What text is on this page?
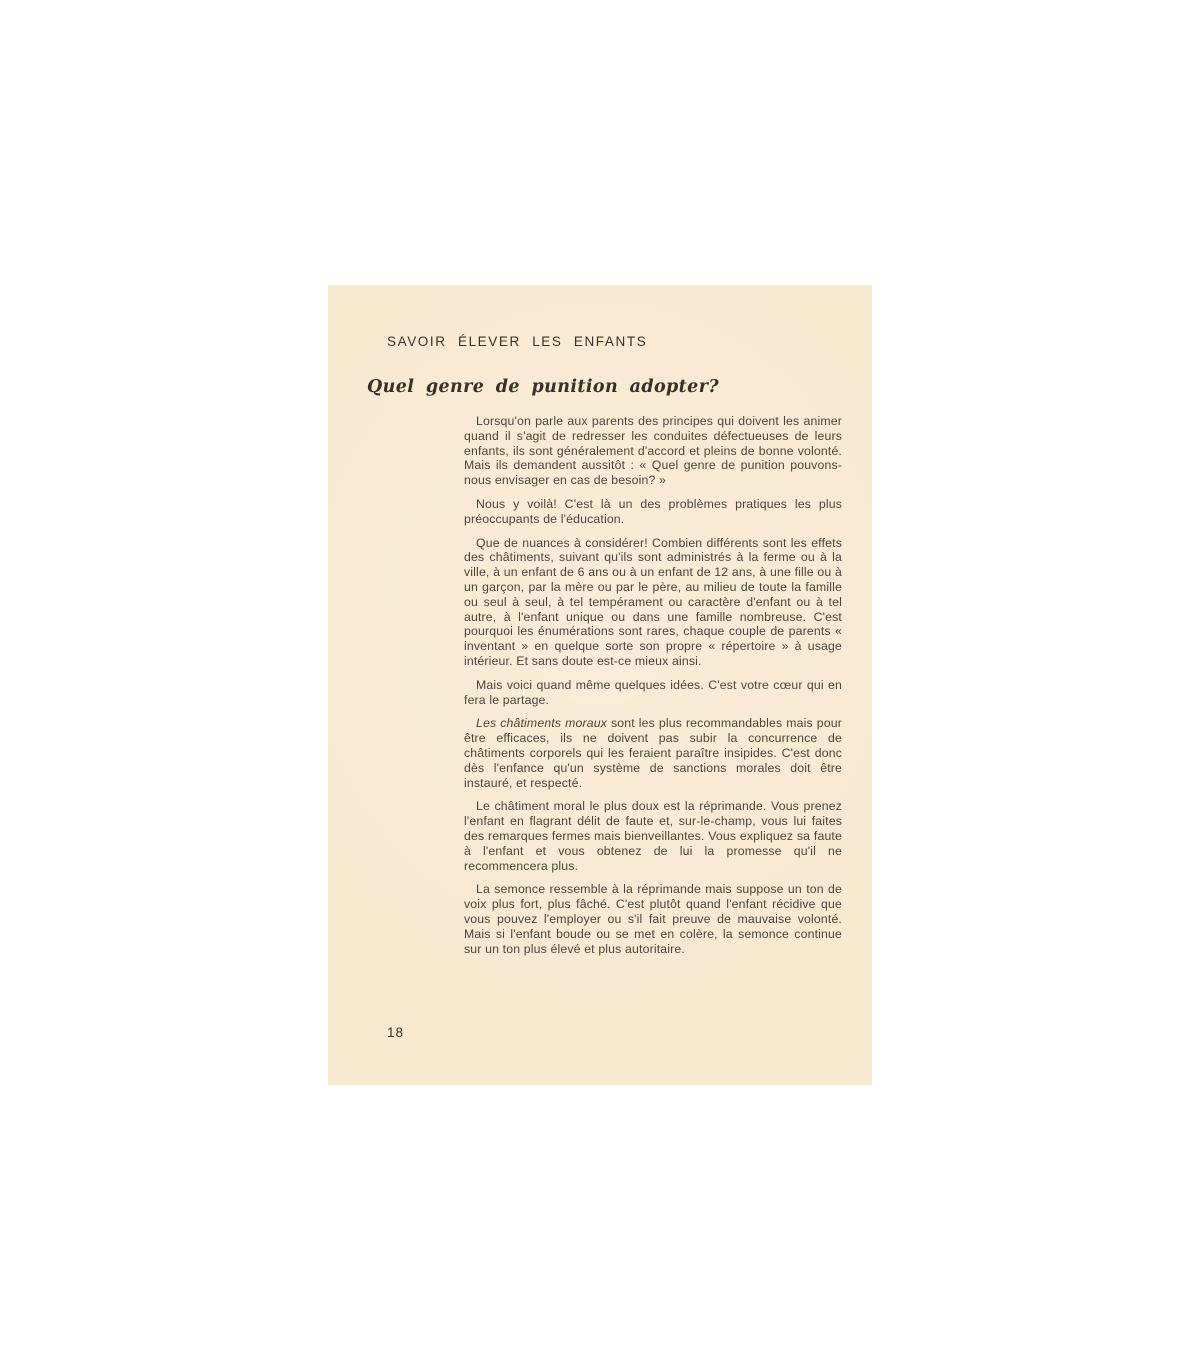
SAVOIR ÉLEVER LES ENFANTS
Quel genre de punition adopter?

Lorsqu'on parle aux parents des principes qui doivent les animer quand il s'agit de redresser les conduites défectueuses de leurs enfants, ils sont généralement d'accord et pleins de bonne volonté. Mais ils demandent aussitôt : « Quel genre de punition pouvons-nous envisager en cas de besoin? »

Nous y voilà! C'est là un des problèmes pratiques les plus préoccupants de l'éducation.

Que de nuances à considérer! Combien différents sont les effets des châtiments, suivant qu'ils sont administrés à la ferme ou à la ville, à un enfant de 6 ans ou à un enfant de 12 ans, à une fille ou à un garçon, par la mère ou par le père, au milieu de toute la famille ou seul à seul, à tel tempérament ou caractère d'enfant ou à tel autre, à l'enfant unique ou dans une famille nombreuse. C'est pourquoi les énumérations sont rares, chaque couple de parents « inventant » en quelque sorte son propre « répertoire » à usage intérieur. Et sans doute est-ce mieux ainsi.

Mais voici quand même quelques idées. C'est votre cœur qui en fera le partage.

Les châtiments moraux sont les plus recommandables mais pour être efficaces, ils ne doivent pas subir la concurrence de châtiments corporels qui les feraient paraître insipides. C'est donc dès l'enfance qu'un système de sanctions morales doit être instauré, et respecté.

Le châtiment moral le plus doux est la réprimande. Vous prenez l'enfant en flagrant délit de faute et, sur-le-champ, vous lui faites des remarques fermes mais bienveillantes. Vous expliquez sa faute à l'enfant et vous obtenez de lui la promesse qu'il ne recommencera plus.

La semonce ressemble à la réprimande mais suppose un ton de voix plus fort, plus fâché. C'est plutôt quand l'enfant récidive que vous pouvez l'employer ou s'il fait preuve de mauvaise volonté. Mais si l'enfant boude ou se met en colère, la semonce continue sur un ton plus élevé et plus autoritaire.

18
